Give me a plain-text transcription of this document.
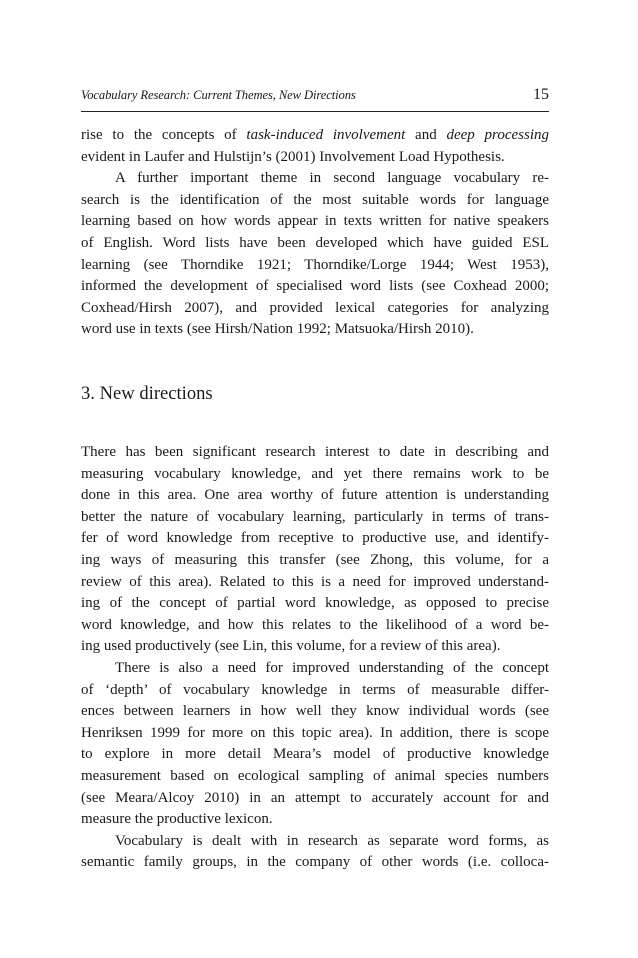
Vocabulary Research: Current Themes, New Directions	15
rise to the concepts of task-induced involvement and deep processing
evident in Laufer and Hulstijn’s (2001) Involvement Load Hypothesis.
A further important theme in second language vocabulary re-
search is the identification of the most suitable words for language
learning based on how words appear in texts written for native speakers
of English. Word lists have been developed which have guided ESL
learning (see Thorndike 1921; Thorndike/Lorge 1944; West 1953),
informed the development of specialised word lists (see Coxhead 2000;
Coxhead/Hirsh 2007), and provided lexical categories for analyzing
word use in texts (see Hirsh/Nation 1992; Matsuoka/Hirsh 2010).
3. New directions
There has been significant research interest to date in describing and
measuring vocabulary knowledge, and yet there remains work to be
done in this area. One area worthy of future attention is understanding
better the nature of vocabulary learning, particularly in terms of trans-
fer of word knowledge from receptive to productive use, and identify-
ing ways of measuring this transfer (see Zhong, this volume, for a
review of this area). Related to this is a need for improved understand-
ing of the concept of partial word knowledge, as opposed to precise
word knowledge, and how this relates to the likelihood of a word be-
ing used productively (see Lin, this volume, for a review of this area).
There is also a need for improved understanding of the concept
of ‘depth’ of vocabulary knowledge in terms of measurable differ-
ences between learners in how well they know individual words (see
Henriksen 1999 for more on this topic area). In addition, there is scope
to explore in more detail Meara’s model of productive knowledge
measurement based on ecological sampling of animal species numbers
(see Meara/Alcoy 2010) in an attempt to accurately account for and
measure the productive lexicon.
Vocabulary is dealt with in research as separate word forms, as
semantic family groups, in the company of other words (i.e. colloca-
